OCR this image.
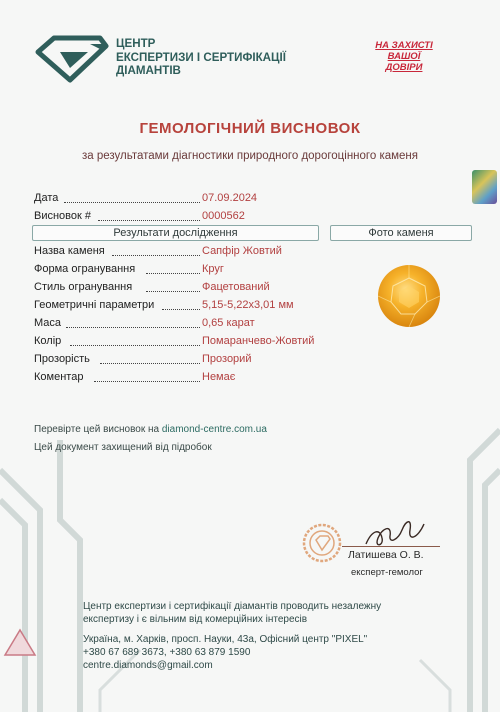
ЦЕНТР
ЕКСПЕРТИЗИ І СЕРТИФІКАЦІЇ
ДІАМАНТІВ
НА ЗАХИСТІ
ВАШОЇ
ДОВІРИ
ГЕМОЛОГІЧНИЙ ВИСНОВОК
за результатами діагностики природного дорогоцінного каменя
Дата	07.09.2024
Висновок #	0000562
Результати дослідження	Фото каменя
Назва каменя	Сапфір Жовтий
Форма огранування	Круг
Стиль огранування	Фацетований
Геометричні параметри	5,15-5,22х3,01 мм
Маса	0,65 карат
Колір	Помаранчево-Жовтий
Прозорість	Прозорий
Коментар	Немає
Перевірте цей висновок на diamond-centre.com.ua
Цей документ захищений від підробок
Латишева О. В.
експерт-гемолог
Центр експертизи і сертифікації діамантів проводить незалежну
експертизу і є вільним від комерційних інтересів
Україна, м. Харків, просп. Науки, 43а, Офісний центр "PIXEL"
+380 67 689 3673, +380 63 879 1590
centre.diamonds@gmail.com
